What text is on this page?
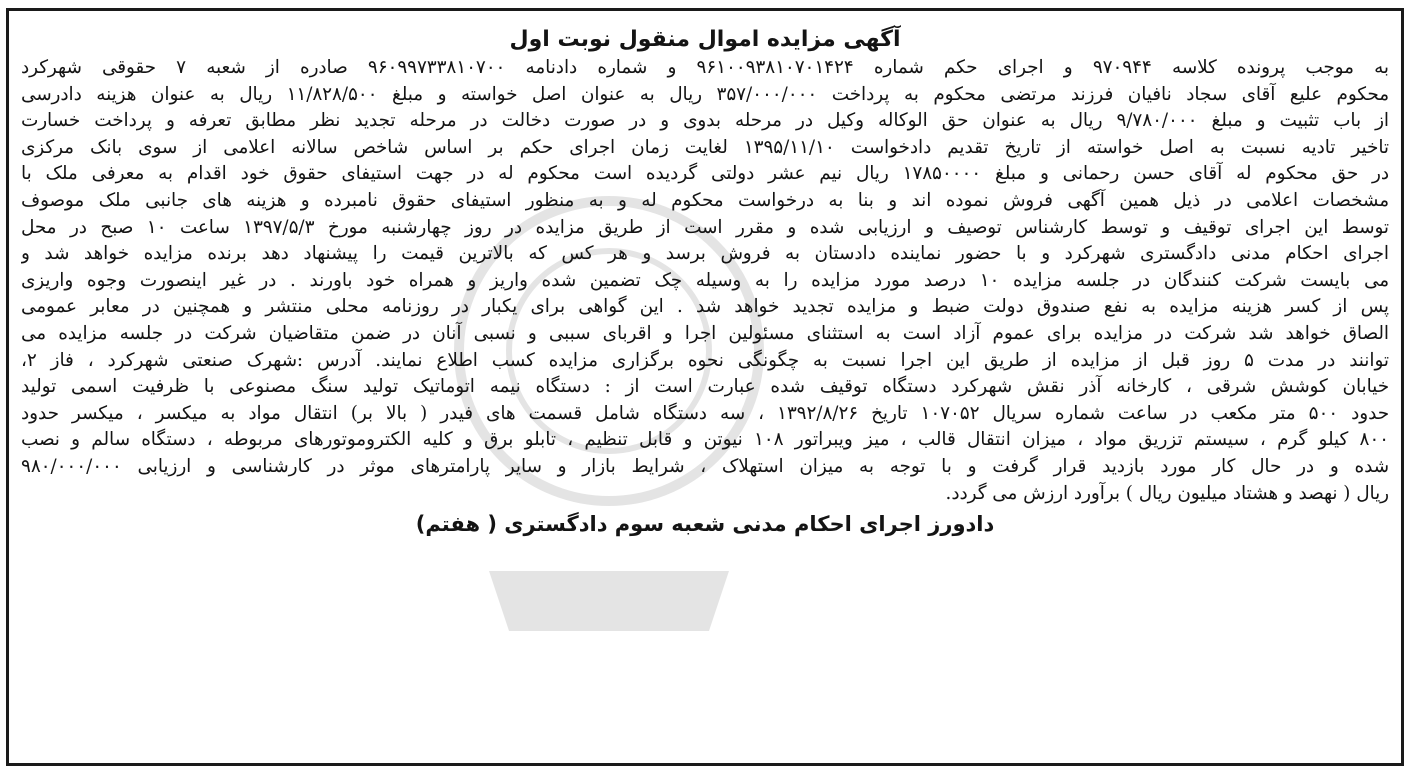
آگهی مزایده اموال منقول نوبت اول
به موجب پرونده کلاسه ۹۷۰۹۴۴ و اجرای حکم شماره ۹۶۱۰۰۹۳۸۱۰۷۰۱۴۲۴ و شماره دادنامه ۹۶۰۹۹۷۳۳۸۱۰۷۰۰ صادره از شعبه ۷ حقوقی شهرکرد
محکوم علیع آقای سجاد نافیان فرزند مرتضی محکوم به پرداخت ۳۵۷/۰۰۰/۰۰۰ ریال به عنوان اصل خواسته و مبلغ ۱۱/۸۲۸/۵۰۰ ریال به عنوان هزینه دادرسی
از باب تثبیت و مبلغ ۹/۷۸۰/۰۰۰ ریال به عنوان حق الوکاله وکیل در مرحله بدوی و در صورت دخالت در مرحله تجدید نظر مطابق تعرفه و پرداخت خسارت
تاخیر تادیه نسبت به اصل خواسته از تاریخ تقدیم دادخواست ۱۳۹۵/۱۱/۱۰ لغایت زمان اجرای حکم بر اساس شاخص سالانه اعلامی از سوی بانک مرکزی
در حق محکوم له آقای حسن رحمانی و مبلغ ۱۷۸۵۰۰۰۰ ریال نیم عشر دولتی گردیده است محکوم له در جهت استیفای حقوق خود اقدام به معرفی ملک با
مشخصات اعلامی در ذیل همین آگهی فروش نموده اند و بنا به درخواست محکوم له و به منظور استیفای حقوق نامبرده و هزینه های جانبی ملک موصوف
توسط این اجرای توقیف و توسط کارشناس توصیف و ارزیابی شده و مقرر است از طریق مزایده در روز چهارشنبه مورخ ۱۳۹۷/۵/۳ ساعت ۱۰ صبح در محل
اجرای احکام مدنی دادگستری شهرکرد و با حضور نماینده دادستان به فروش برسد و هر کس که بالاترین قیمت را پیشنهاد دهد برنده مزایده خواهد شد و
می بایست شرکت کنندگان در جلسه مزایده ۱۰ درصد مورد مزایده را به وسیله چک تضمین شده واریز و همراه خود باورند . در غیر اینصورت وجوه واریزی
پس از کسر هزینه مزایده به نفع صندوق دولت ضبط و مزایده تجدید خواهد شد . این گواهی برای یکبار در روزنامه محلی منتشر و همچنین در معابر عمومی
الصاق خواهد شد شرکت در مزایده برای عموم آزاد است به استثنای مسئولین اجرا و اقربای سببی و نسبی آنان در ضمن متقاضیان شرکت در جلسه مزایده می
توانند در مدت ۵ روز قبل از مزایده از طریق این اجرا نسبت به چگونگی نحوه برگزاری مزایده کسب اطلاع نمایند. آدرس :شهرک صنعتی شهرکرد ، فاز ۲،
خیابان کوشش شرقی ، کارخانه آذر نقش شهرکرد دستگاه توقیف شده عبارت است از : دستگاه نیمه اتوماتیک تولید سنگ مصنوعی با ظرفیت اسمی تولید
حدود ۵۰۰ متر مکعب در ساعت شماره سریال ۱۰۷۰۵۲ تاریخ ۱۳۹۲/۸/۲۶ ، سه دستگاه شامل قسمت های فیدر ( بالا بر) انتقال مواد به میکسر ، میکسر حدود
۸۰۰ کیلو گرم ، سیستم تزریق مواد ، میزان انتقال قالب ، میز ویبراتور ۱۰۸ نیوتن و قابل تنظیم ، تابلو برق و کلیه الکتروموتورهای مربوطه ، دستگاه سالم و نصب
شده و در حال کار مورد بازدید قرار گرفت و با توجه به میزان استهلاک ، شرایط بازار و سایر پارامترهای موثر در کارشناسی و ارزیابی ۹۸۰/۰۰۰/۰۰۰
ریال ( نهصد و هشتاد میلیون ریال ) برآورد ارزش می گردد.
دادورز اجرای احکام مدنی شعبه سوم دادگستری ( هفتم)
